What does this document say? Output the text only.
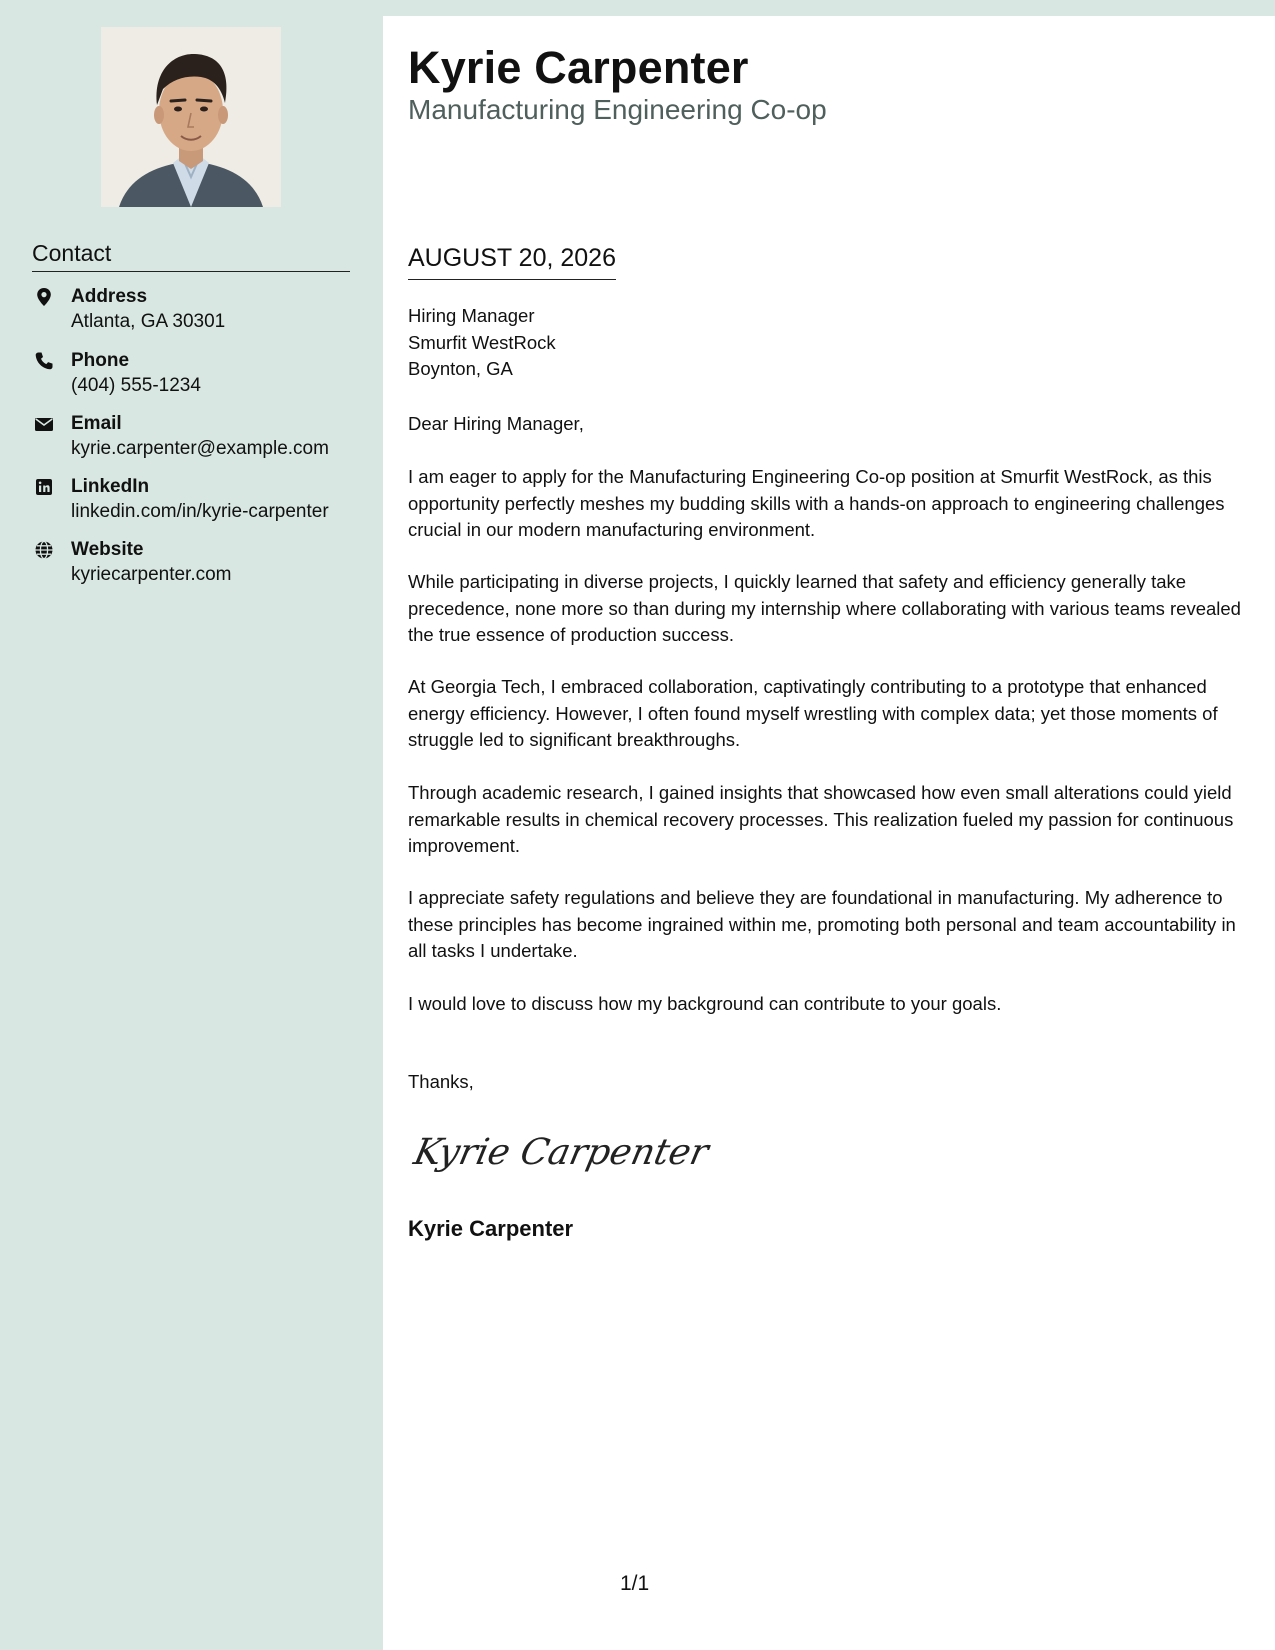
Contact
Address
Atlanta, GA 30301
Phone
(404) 555-1234
Email
kyrie.carpenter@example.com
LinkedIn
linkedin.com/in/kyrie-carpenter
Website
kyriecarpenter.com
Kyrie Carpenter
Manufacturing Engineering Co-op
AUGUST 20, 2026
Hiring Manager
Smurfit WestRock
Boynton, GA
Dear Hiring Manager,
I am eager to apply for the Manufacturing Engineering Co-op position at Smurfit WestRock, as this opportunity perfectly meshes my budding skills with a hands-on approach to engineering challenges crucial in our modern manufacturing environment.
While participating in diverse projects, I quickly learned that safety and efficiency generally take precedence, none more so than during my internship where collaborating with various teams revealed the true essence of production success.
At Georgia Tech, I embraced collaboration, captivatingly contributing to a prototype that enhanced energy efficiency. However, I often found myself wrestling with complex data; yet those moments of struggle led to significant breakthroughs.
Through academic research, I gained insights that showcased how even small alterations could yield remarkable results in chemical recovery processes. This realization fueled my passion for continuous improvement.
I appreciate safety regulations and believe they are foundational in manufacturing. My adherence to these principles has become ingrained within me, promoting both personal and team accountability in all tasks I undertake.
I would love to discuss how my background can contribute to your goals.
Thanks,
Kyrie Carpenter
Kyrie Carpenter
1/1
